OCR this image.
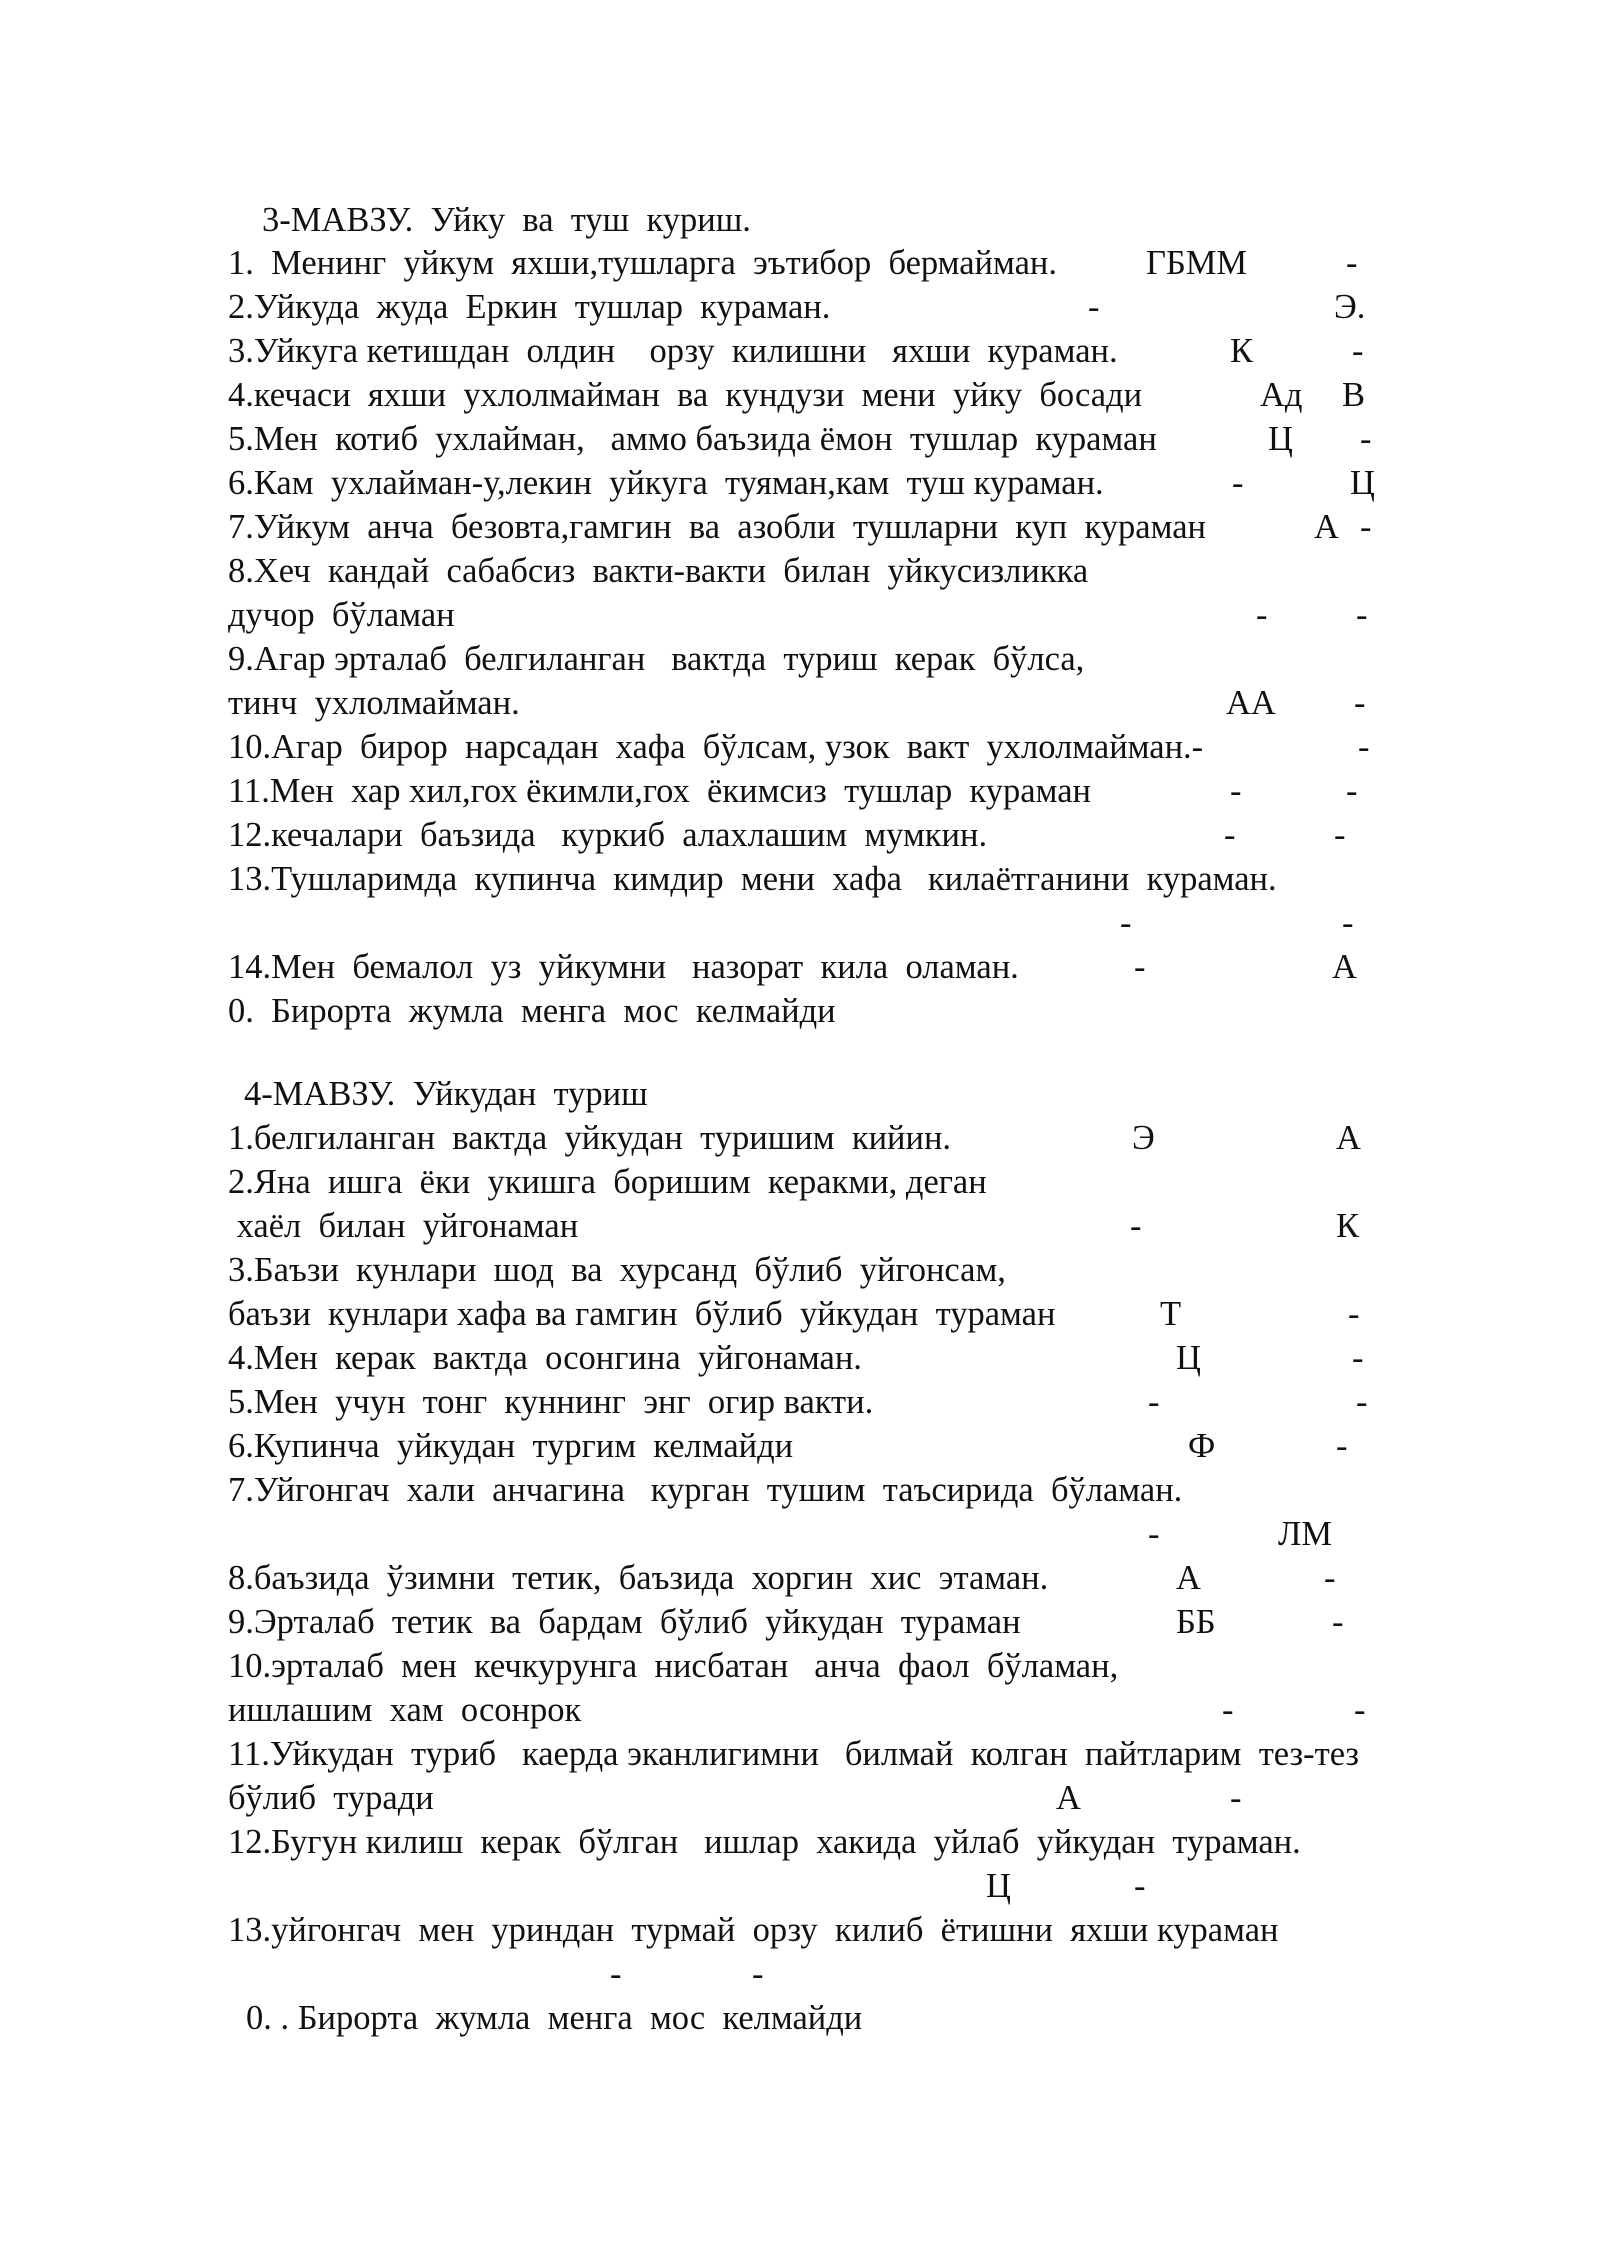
3-МАВЗУ.  Уйку  ва  туш  куриш.
1.  Менинг  уйкум  яхши,тушларга  эътибор  бермайман.	ГБММ	-
2.Уйкуда  жуда  Еркин  тушлар  кураман.	-	Э.
3.Уйкуга кетишдан  олдин    орзу  килишни   яхши  кураман.	К	-
4.кечаси  яхши  ухлолмайман  ва  кундузи  мени  уйку  босади	Ад В
5.Мен  котиб  ухлайман,   аммо баъзида ёмон  тушлар  кураман	Ц -
6.Кам  ухлайман-у,лекин  уйкуга  туяман,кам  туш кураман.	-	Ц
7.Уйкум  анча  безовта,гамгин  ва  азобли  тушларни  куп  кураман	А -
8.Хеч  кандай  сабабсиз  вакти-вакти  билан  уйкусизликка
дучор  бўламан	-	-
9.Агар эрталаб  белгиланган   вактда  туриш  керак  бўлса,
тинч  ухлолмайман.	АА -
10.Агар  бирор  нарсадан  хафа  бўлсам, узок  вакт  ухлолмайман.-	-
11.Мен  хар хил,гох ёкимли,гох  ёкимсиз  тушлар  кураман	-	-
12.кечалари  баъзида   куркиб  алахлашим  мумкин.	-	-
13.Тушларимда  купинча  кимдир  мени  хафа   килаётганини  кураман.
-	-
14.Мен  бемалол  уз  уйкумни   назорат  кила  оламан.	-	А
0.  Бирорта  жумла  менга  мос  келмайди
4-МАВЗУ.  Уйкудан  туриш
1.белгиланган  вактда  уйкудан  туришим  кийин.	Э	А
2.Яна  ишга  ёки  укишга  боришим  керакми, деган
хаёл  билан  уйгонаман	-	К
3.Баъзи  кунлари  шод  ва  хурсанд  бўлиб  уйгонсам,
баъзи  кунлари хафа ва гамгин  бўлиб  уйкудан  тураман	Т	-
4.Мен  керак  вактда  осонгина  уйгонаман.	Ц	-
5.Мен  учун  тонг  куннинг  энг  огир вакти.	-	-
6.Купинча  уйкудан  тургим  келмайди	Ф	-
7.Уйгонгач  хали  анчагина   курган  тушим  таъсирида  бўламан.
-	ЛМ
8.баъзида  ўзимни  тетик,  баъзида  хоргин  хис  этаман.	А	-
9.Эрталаб  тетик  ва  бардам  бўлиб  уйкудан  тураман	ББ	-
10.эрталаб  мен  кечкурунга  нисбатан   анча  фаол  бўламан,
ишлашим  хам  осонрок	-	-
11.Уйкудан  туриб   каерда эканлигимни   билмай  колган  пайтларим  тез-тез
бўлиб  туради	А	-
12.Бугун килиш  керак  бўлган   ишлар  хакида  уйлаб  уйкудан  тураман.
Ц	-
13.уйгонгач  мен  уриндан  турмай  орзу  килиб  ётишни  яхши кураман
-	-
0. . Бирорта  жумла  менга  мос  келмайди
